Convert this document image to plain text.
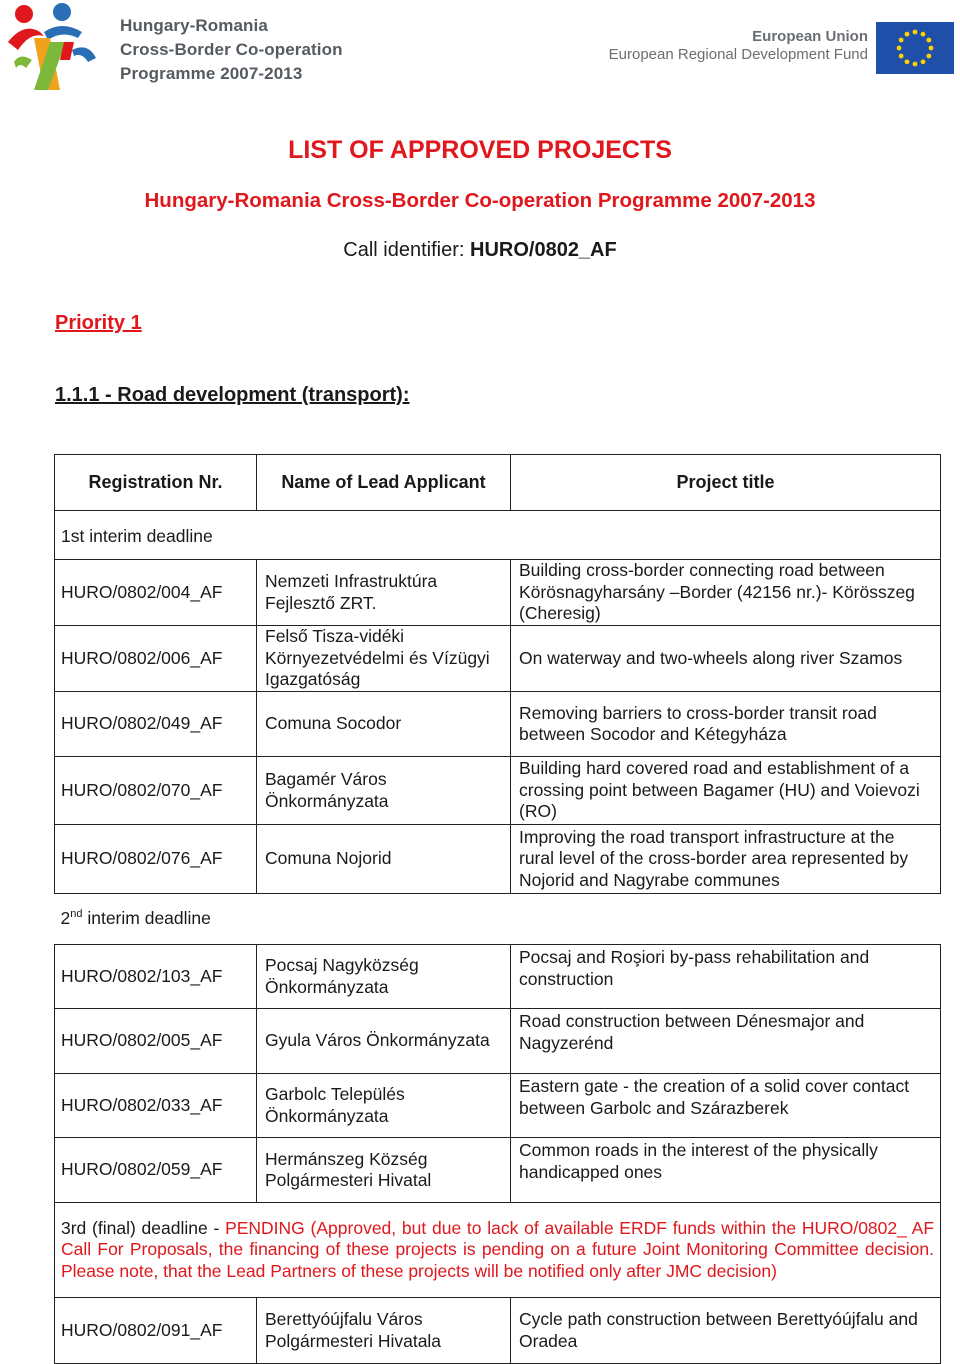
Hungary-Romania
Cross-Border Co-operation
Programme 2007-2013
European Union
European Regional Development Fund
LIST OF APPROVED PROJECTS
Hungary-Romania Cross-Border Co-operation Programme 2007-2013
Call identifier: HURO/0802_AF
Priority 1
1.1.1 - Road development (transport):
Registration Nr.	Name of Lead Applicant	Project title
1st interim deadline		
HURO/0802/004_AF	Nemzeti Infrastruktúra Fejlesztő ZRT.	Building cross-border connecting road between Körösnagyharsány –Border (42156 nr.)- Körösszeg (Cheresig)
HURO/0802/006_AF	Felső Tisza-vidéki Környezetvédelmi és Vízügyi Igazgatóság	On waterway and two-wheels along river Szamos
HURO/0802/049_AF	Comuna Socodor	Removing barriers to cross-border transit road between Socodor and Kétegyháza
HURO/0802/070_AF	Bagamér Város Önkormányzata	Building hard covered road and establishment of a crossing point between Bagamer (HU) and Voievozi (RO)
HURO/0802/076_AF	Comuna Nojorid	Improving the road transport infrastructure at the rural level of the cross-border area represented by Nojorid and Nagyrabe communes
2nd interim deadline		
HURO/0802/103_AF	Pocsaj Nagyközség Önkormányzata	Pocsaj and Roşiori by-pass rehabilitation and construction
HURO/0802/005_AF	Gyula Város Önkormányzata	Road construction between Dénesmajor and Nagyzerénd
HURO/0802/033_AF	Garbolc Település Önkormányzata	Eastern gate - the creation of a solid cover contact between Garbolc and Szárazberek
HURO/0802/059_AF	Hermánszeg Község Polgármesteri Hivatal	Common roads in the interest of the physically handicapped ones
3rd (final) deadline - PENDING (Approved, but due to lack of available ERDF funds within the HURO/0802_ AF Call For Proposals, the financing of these projects is pending on a future Joint Monitoring Committee decision. Please note, that the Lead Partners of these projects will be notified only after JMC decision)		
HURO/0802/091_AF	Berettyóújfalu Város Polgármesteri Hivatala	Cycle path construction between Berettyóújfalu and Oradea
